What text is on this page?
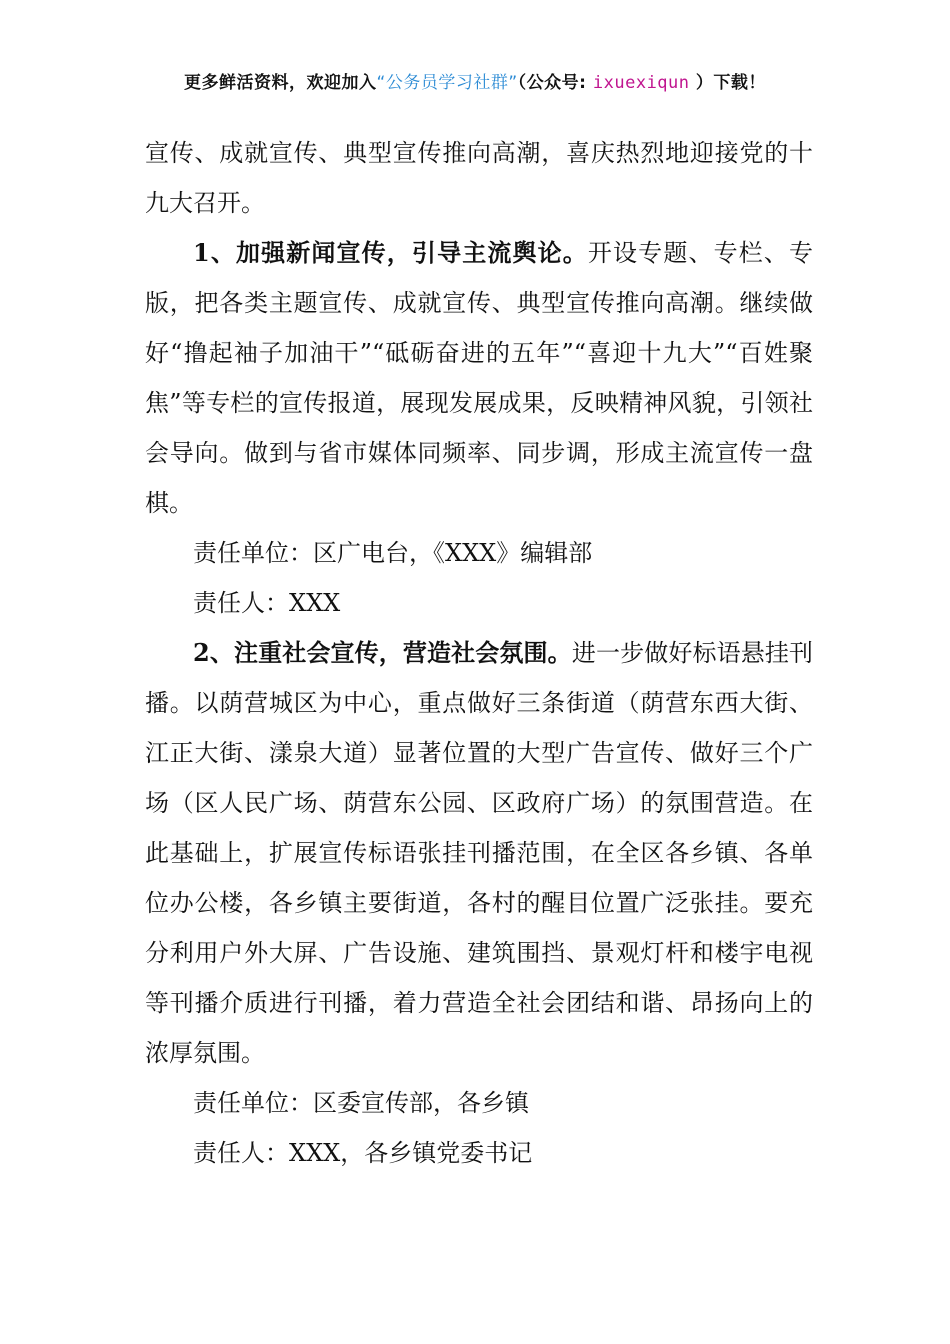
更多鲜活资料，欢迎加入“公务员学习社群”（公众号: ixuexiqun ）下载！

宣传、成就宣传、典型宣传推向高潮，喜庆热烈地迎接党的十九大召开。

1、加强新闻宣传，引导主流舆论。开设专题、专栏、专版，把各类主题宣传、成就宣传、典型宣传推向高潮。继续做好“撸起袖子加油干”“砥砺奋进的五年”“喜迎十九大”“百姓聚焦”等专栏的宣传报道，展现发展成果，反映精神风貌，引领社会导向。做到与省市媒体同频率、同步调，形成主流宣传一盘棋。

责任单位：区广电台，《XXX》编辑部

责任人：XXX

2、注重社会宣传，营造社会氛围。进一步做好标语悬挂刊播。以荫营城区为中心，重点做好三条街道（荫营东西大街、江正大街、漾泉大道）显著位置的大型广告宣传、做好三个广场（区人民广场、荫营东公园、区政府广场）的氛围营造。在此基础上，扩展宣传标语张挂刊播范围，在全区各乡镇、各单位办公楼，各乡镇主要街道，各村的醒目位置广泛张挂。要充分利用户外大屏、广告设施、建筑围挡、景观灯杆和楼宇电视等刊播介质进行刊播，着力营造全社会团结和谐、昂扬向上的浓厚氛围。

责任单位：区委宣传部，各乡镇

责任人：XXX，各乡镇党委书记
